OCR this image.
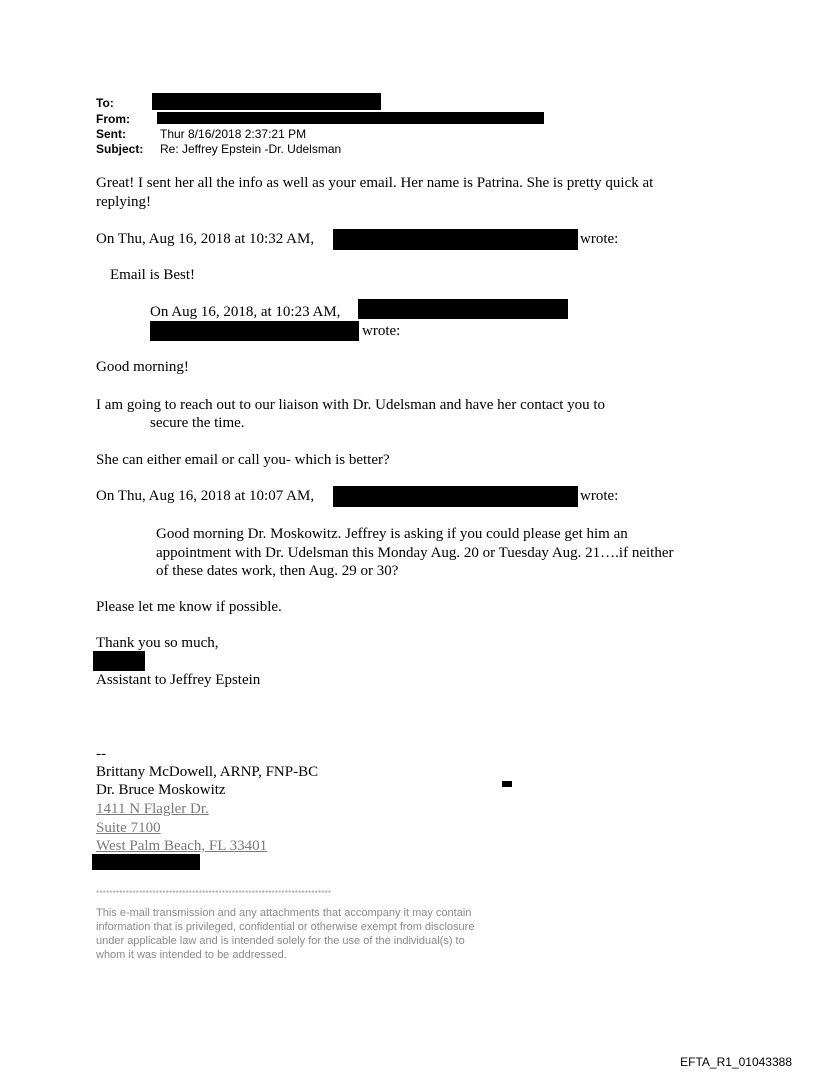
To:
From:
Sent:	Thur 8/16/2018 2:37:21 PM
Subject: Re: Jeffrey Epstein -Dr. Udelsman
Great! I sent her all the info as well as your email. Her name is Patrina. She is pretty quick at replying!
On Thu, Aug 16, 2018 at 10:32 AM,	wrote:
Email is Best!
On Aug 16, 2018, at 10:23 AM,
wrote:
Good morning!
I am going to reach out to our liaison with Dr. Udelsman and have her contact you to
secure the time.
She can either email or call you- which is better?
On Thu, Aug 16, 2018 at 10:07 AM,	wrote:
Good morning Dr. Moskowitz. Jeffrey is asking if you could please get him an appointment with Dr. Udelsman this Monday Aug. 20 or Tuesday Aug. 21….if neither of these dates work, then Aug. 29 or 30?
Please let me know if possible.
Thank you so much,
Assistant to Jeffrey Epstein
--
Brittany McDowell, ARNP, FNP-BC
Dr. Bruce Moskowitz
1411 N Flagler Dr.
Suite 7100
West Palm Beach, FL 33401
***********************************************************************
This e-mail transmission and any attachments that accompany it may contain information that is privileged, confidential or otherwise exempt from disclosure under applicable law and is intended solely for the use of the individual(s) to whom it was intended to be addressed.
EFTA_R1_01043388
